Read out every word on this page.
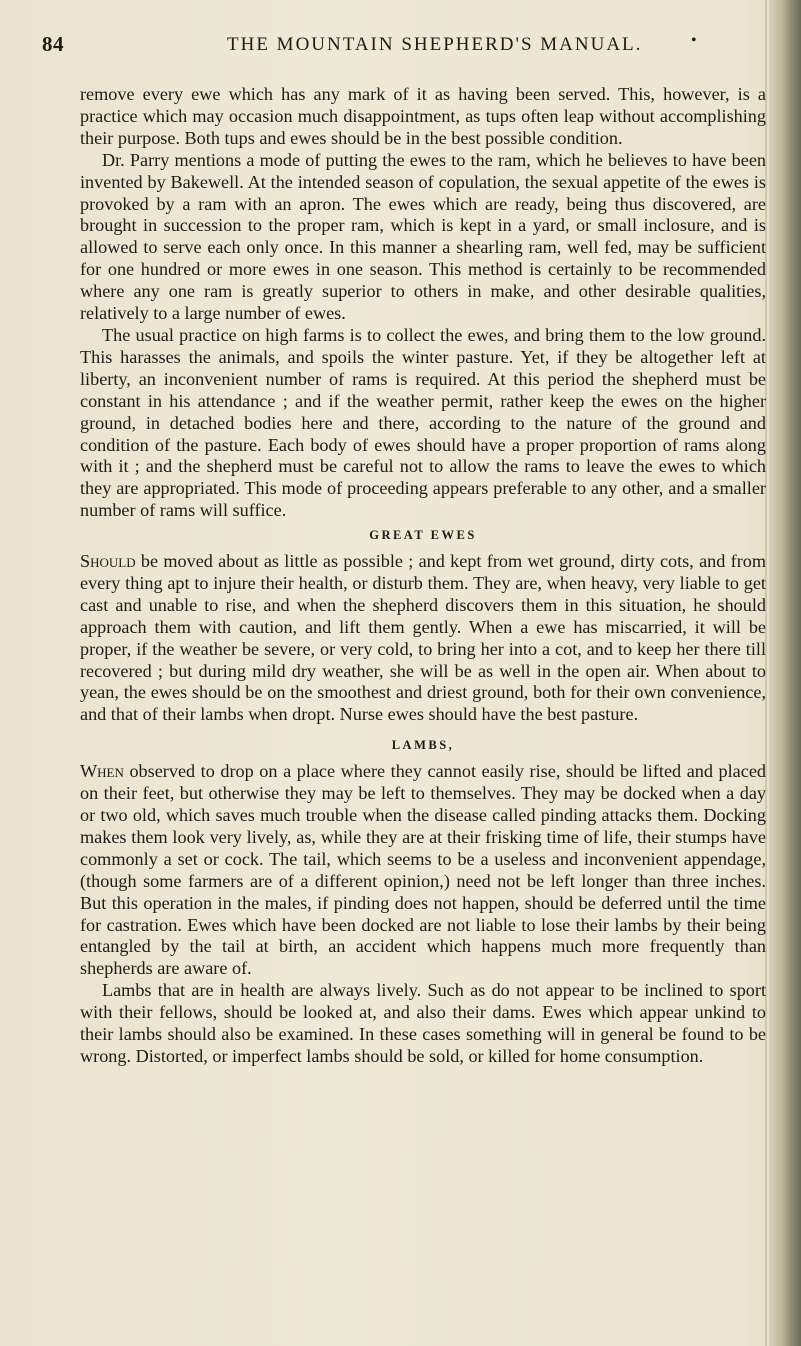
84	THE MOUNTAIN SHEPHERD'S MANUAL.	•

remove every ewe which has any mark of it as having been served. This, however, is a practice which may occasion much disappointment, as tups often leap without accomplishing their purpose. Both tups and ewes should be in the best possible condition.

Dr. Parry mentions a mode of putting the ewes to the ram, which he believes to have been invented by Bakewell. At the intended season of copulation, the sexual appetite of the ewes is provoked by a ram with an apron. The ewes which are ready, being thus discovered, are brought in succession to the proper ram, which is kept in a yard, or small inclosure, and is allowed to serve each only once. In this manner a shearling ram, well fed, may be sufficient for one hundred or more ewes in one season. This method is certainly to be recommended where any one ram is greatly superior to others in make, and other desirable qualities, relatively to a large number of ewes.

The usual practice on high farms is to collect the ewes, and bring them to the low ground. This harasses the animals, and spoils the winter pasture. Yet, if they be altogether left at liberty, an inconvenient number of rams is required. At this period the shepherd must be constant in his attendance ; and if the weather permit, rather keep the ewes on the higher ground, in detached bodies here and there, according to the nature of the ground and condition of the pasture. Each body of ewes should have a proper proportion of rams along with it ; and the shepherd must be careful not to allow the rams to leave the ewes to which they are appropriated. This mode of proceeding appears preferable to any other, and a smaller number of rams will suffice.

GREAT EWES

Should be moved about as little as possible ; and kept from wet ground, dirty cots, and from every thing apt to injure their health, or disturb them. They are, when heavy, very liable to get cast and unable to rise, and when the shepherd discovers them in this situation, he should approach them with caution, and lift them gently. When a ewe has miscarried, it will be proper, if the weather be severe, or very cold, to bring her into a cot, and to keep her there till recovered ; but during mild dry weather, she will be as well in the open air. When about to yean, the ewes should be on the smoothest and driest ground, both for their own convenience, and that of their lambs when dropt. Nurse ewes should have the best pasture.

LAMBS,

When observed to drop on a place where they cannot easily rise, should be lifted and placed on their feet, but otherwise they may be left to themselves. They may be docked when a day or two old, which saves much trouble when the disease called pinding attacks them. Docking makes them look very lively, as, while they are at their frisking time of life, their stumps have commonly a set or cock. The tail, which seems to be a useless and inconvenient appendage, (though some farmers are of a different opinion,) need not be left longer than three inches. But this operation in the males, if pinding does not happen, should be deferred until the time for castration. Ewes which have been docked are not liable to lose their lambs by their being entangled by the tail at birth, an accident which happens much more frequently than shepherds are aware of.

Lambs that are in health are always lively. Such as do not appear to be inclined to sport with their fellows, should be looked at, and also their dams. Ewes which appear unkind to their lambs should also be examined. In these cases something will in general be found to be wrong. Distorted, or imperfect lambs should be sold, or killed for home consumption.
